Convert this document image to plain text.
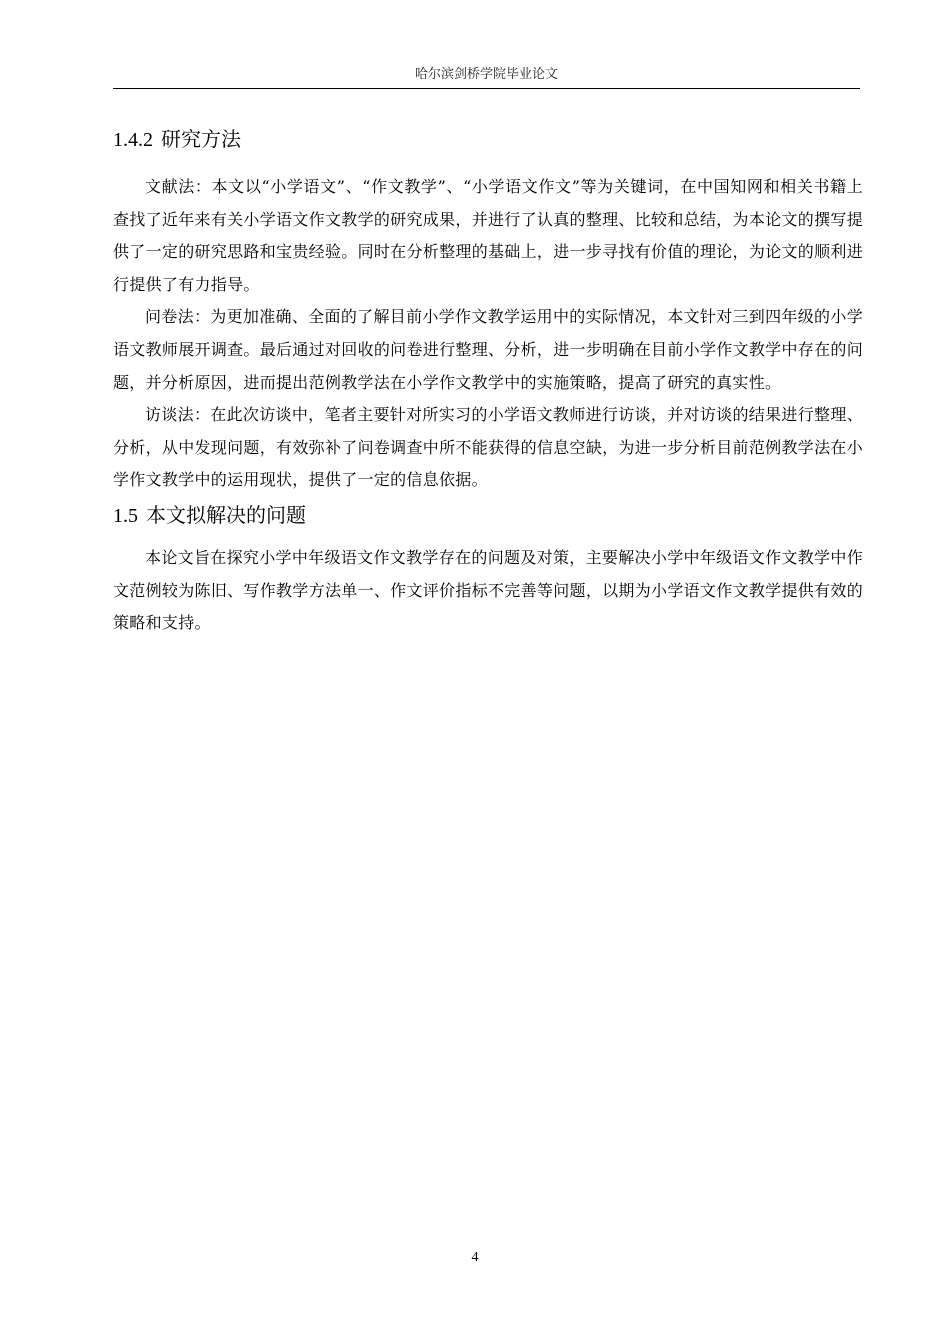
哈尔滨剑桥学院毕业论文
1.4.2 研究方法

文献法：本文以“小学语文”、“作文教学”、“小学语文作文”等为关键词，在中国知网和相关书籍上查找了近年来有关小学语文作文教学的研究成果，并进行了认真的整理、比较和总结，为本论文的撰写提供了一定的研究思路和宝贵经验。同时在分析整理的基础上，进一步寻找有价值的理论，为论文的顺利进行提供了有力指导。

问卷法：为更加准确、全面的了解目前小学作文教学运用中的实际情况，本文针对三到四年级的小学语文教师展开调查。最后通过对回收的问卷进行整理、分析，进一步明确在目前小学作文教学中存在的问题，并分析原因，进而提出范例教学法在小学作文教学中的实施策略，提高了研究的真实性。

访谈法：在此次访谈中，笔者主要针对所实习的小学语文教师进行访谈，并对访谈的结果进行整理、分析，从中发现问题，有效弥补了问卷调查中所不能获得的信息空缺，为进一步分析目前范例教学法在小学作文教学中的运用现状，提供了一定的信息依据。

1.5 本文拟解决的问题

本论文旨在探究小学中年级语文作文教学存在的问题及对策，主要解决小学中年级语文作文教学中作文范例较为陈旧、写作教学方法单一、作文评价指标不完善等问题，以期为小学语文作文教学提供有效的策略和支持。

4
